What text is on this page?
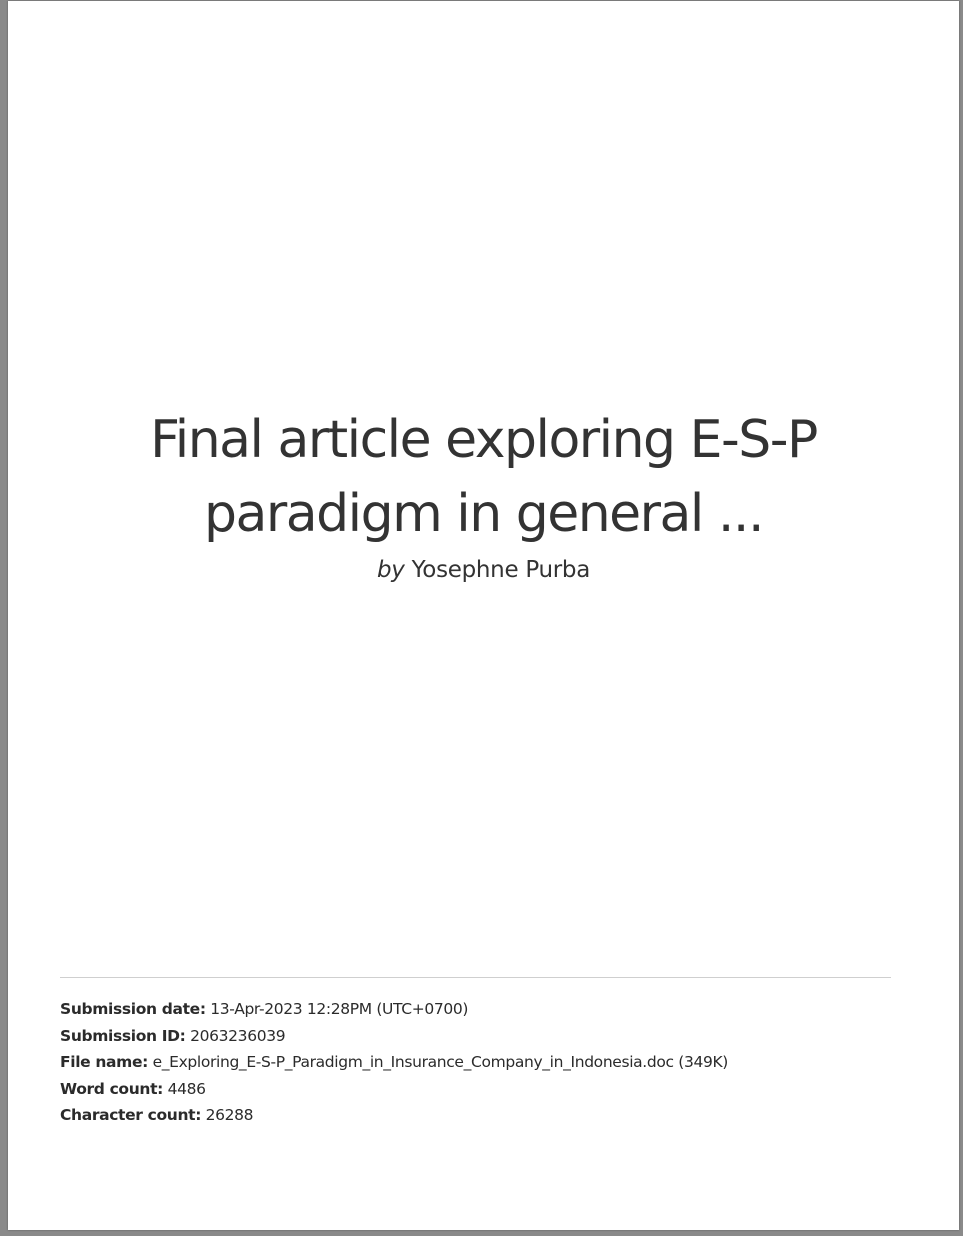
Final article exploring E-S-P
paradigm in general ...
by Yosephne Purba
Submission date: 13-Apr-2023 12:28PM (UTC+0700)
Submission ID: 2063236039
File name: e_Exploring_E-S-P_Paradigm_in_Insurance_Company_in_Indonesia.doc (349K)
Word count: 4486
Character count: 26288
